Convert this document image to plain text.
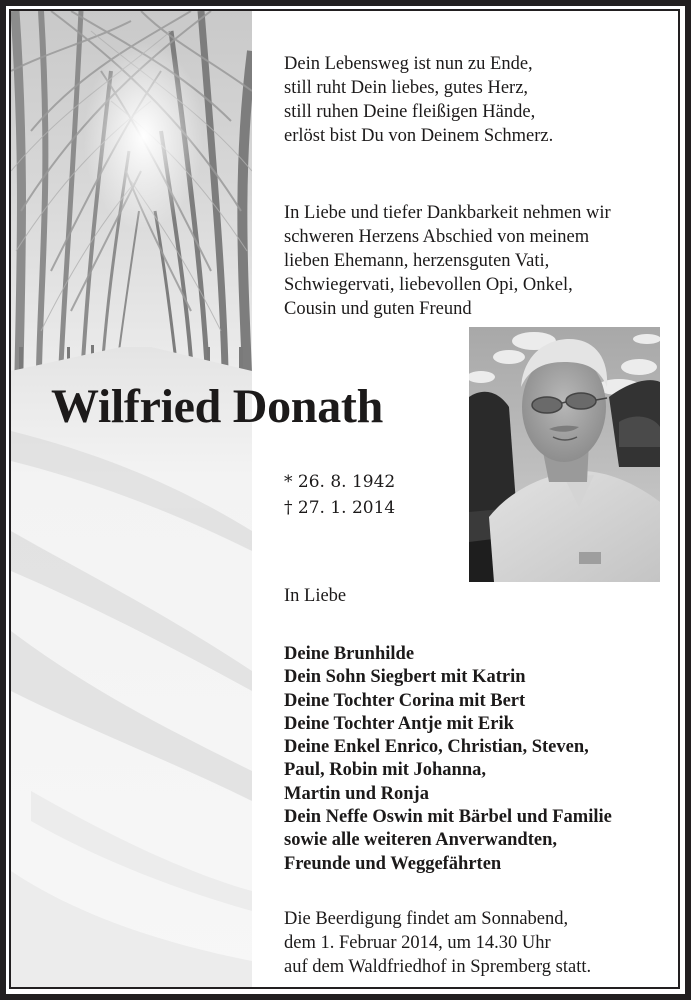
Dein Lebensweg ist nun zu Ende,
still ruht Dein liebes, gutes Herz,
still ruhen Deine fleißigen Hände,
erlöst bist Du von Deinem Schmerz.
In Liebe und tiefer Dankbarkeit nehmen wir
schweren Herzens Abschied von meinem
lieben Ehemann, herzensguten Vati,
Schwiegervati, liebevollen Opi, Onkel,
Cousin und guten Freund
Wilfried Donath
* 26. 8. 1942
† 27. 1. 2014
In Liebe
Deine Brunhilde
Dein Sohn Siegbert mit Katrin
Deine Tochter Corina mit Bert
Deine Tochter Antje mit Erik
Deine Enkel Enrico, Christian, Steven,
Paul, Robin mit Johanna,
Martin und Ronja
Dein Neffe Oswin mit Bärbel und Familie
sowie alle weiteren Anverwandten,
Freunde und Weggefährten
Die Beerdigung findet am Sonnabend,
dem 1. Februar 2014, um 14.30 Uhr
auf dem Waldfriedhof in Spremberg statt.
